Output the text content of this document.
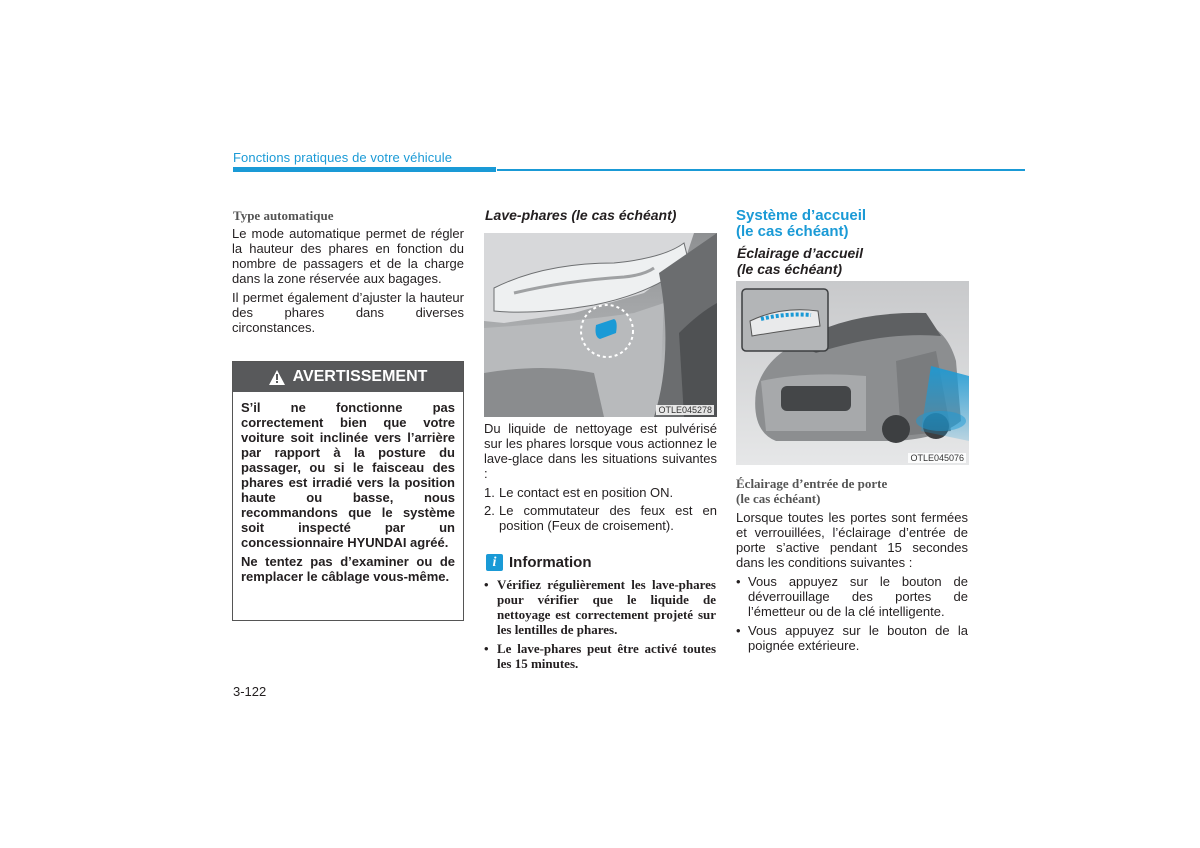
Fonctions pratiques de votre véhicule
Type automatique

Le mode automatique permet de régler la hauteur des phares en fonction du nombre de passagers et de la charge dans la zone réservée aux bagages.

Il permet également d’ajuster la hauteur des phares dans diverses circonstances.

AVERTISSEMENT

S’il ne fonctionne pas correctement bien que votre voiture soit inclinée vers l’arrière par rapport à la posture du passager, ou si le faisceau des phares est irradié vers la position haute ou basse, nous recommandons que le système soit inspecté par un concessionnaire HYUNDAI agréé.

Ne tentez pas d’examiner ou de remplacer le câblage vous-même.

Lave-phares (le cas échéant)
OTLE045278

Du liquide de nettoyage est pulvérisé sur les phares lorsque vous actionnez le lave-glace dans les situations suivantes :

1. Le contact est en position ON.
2. Le commutateur des feux est en position (Feux de croisement).
i Information
• Vérifiez régulièrement les lave-phares pour vérifier que le liquide de nettoyage est correctement projeté sur les lentilles de phares.
• Le lave-phares peut être activé toutes les 15 minutes.
Système d’accueil
(le cas échéant)
Éclairage d’accueil
(le cas échéant)
OTLE045076
Éclairage d’entrée de porte
(le cas échéant)

Lorsque toutes les portes sont fermées et verrouillées, l’éclairage d’entrée de porte s’active pendant 15 secondes dans les conditions suivantes :

• Vous appuyez sur le bouton de déverrouillage des portes de l’émetteur ou de la clé intelligente.
• Vous appuyez sur le bouton de la poignée extérieure.
3-122
